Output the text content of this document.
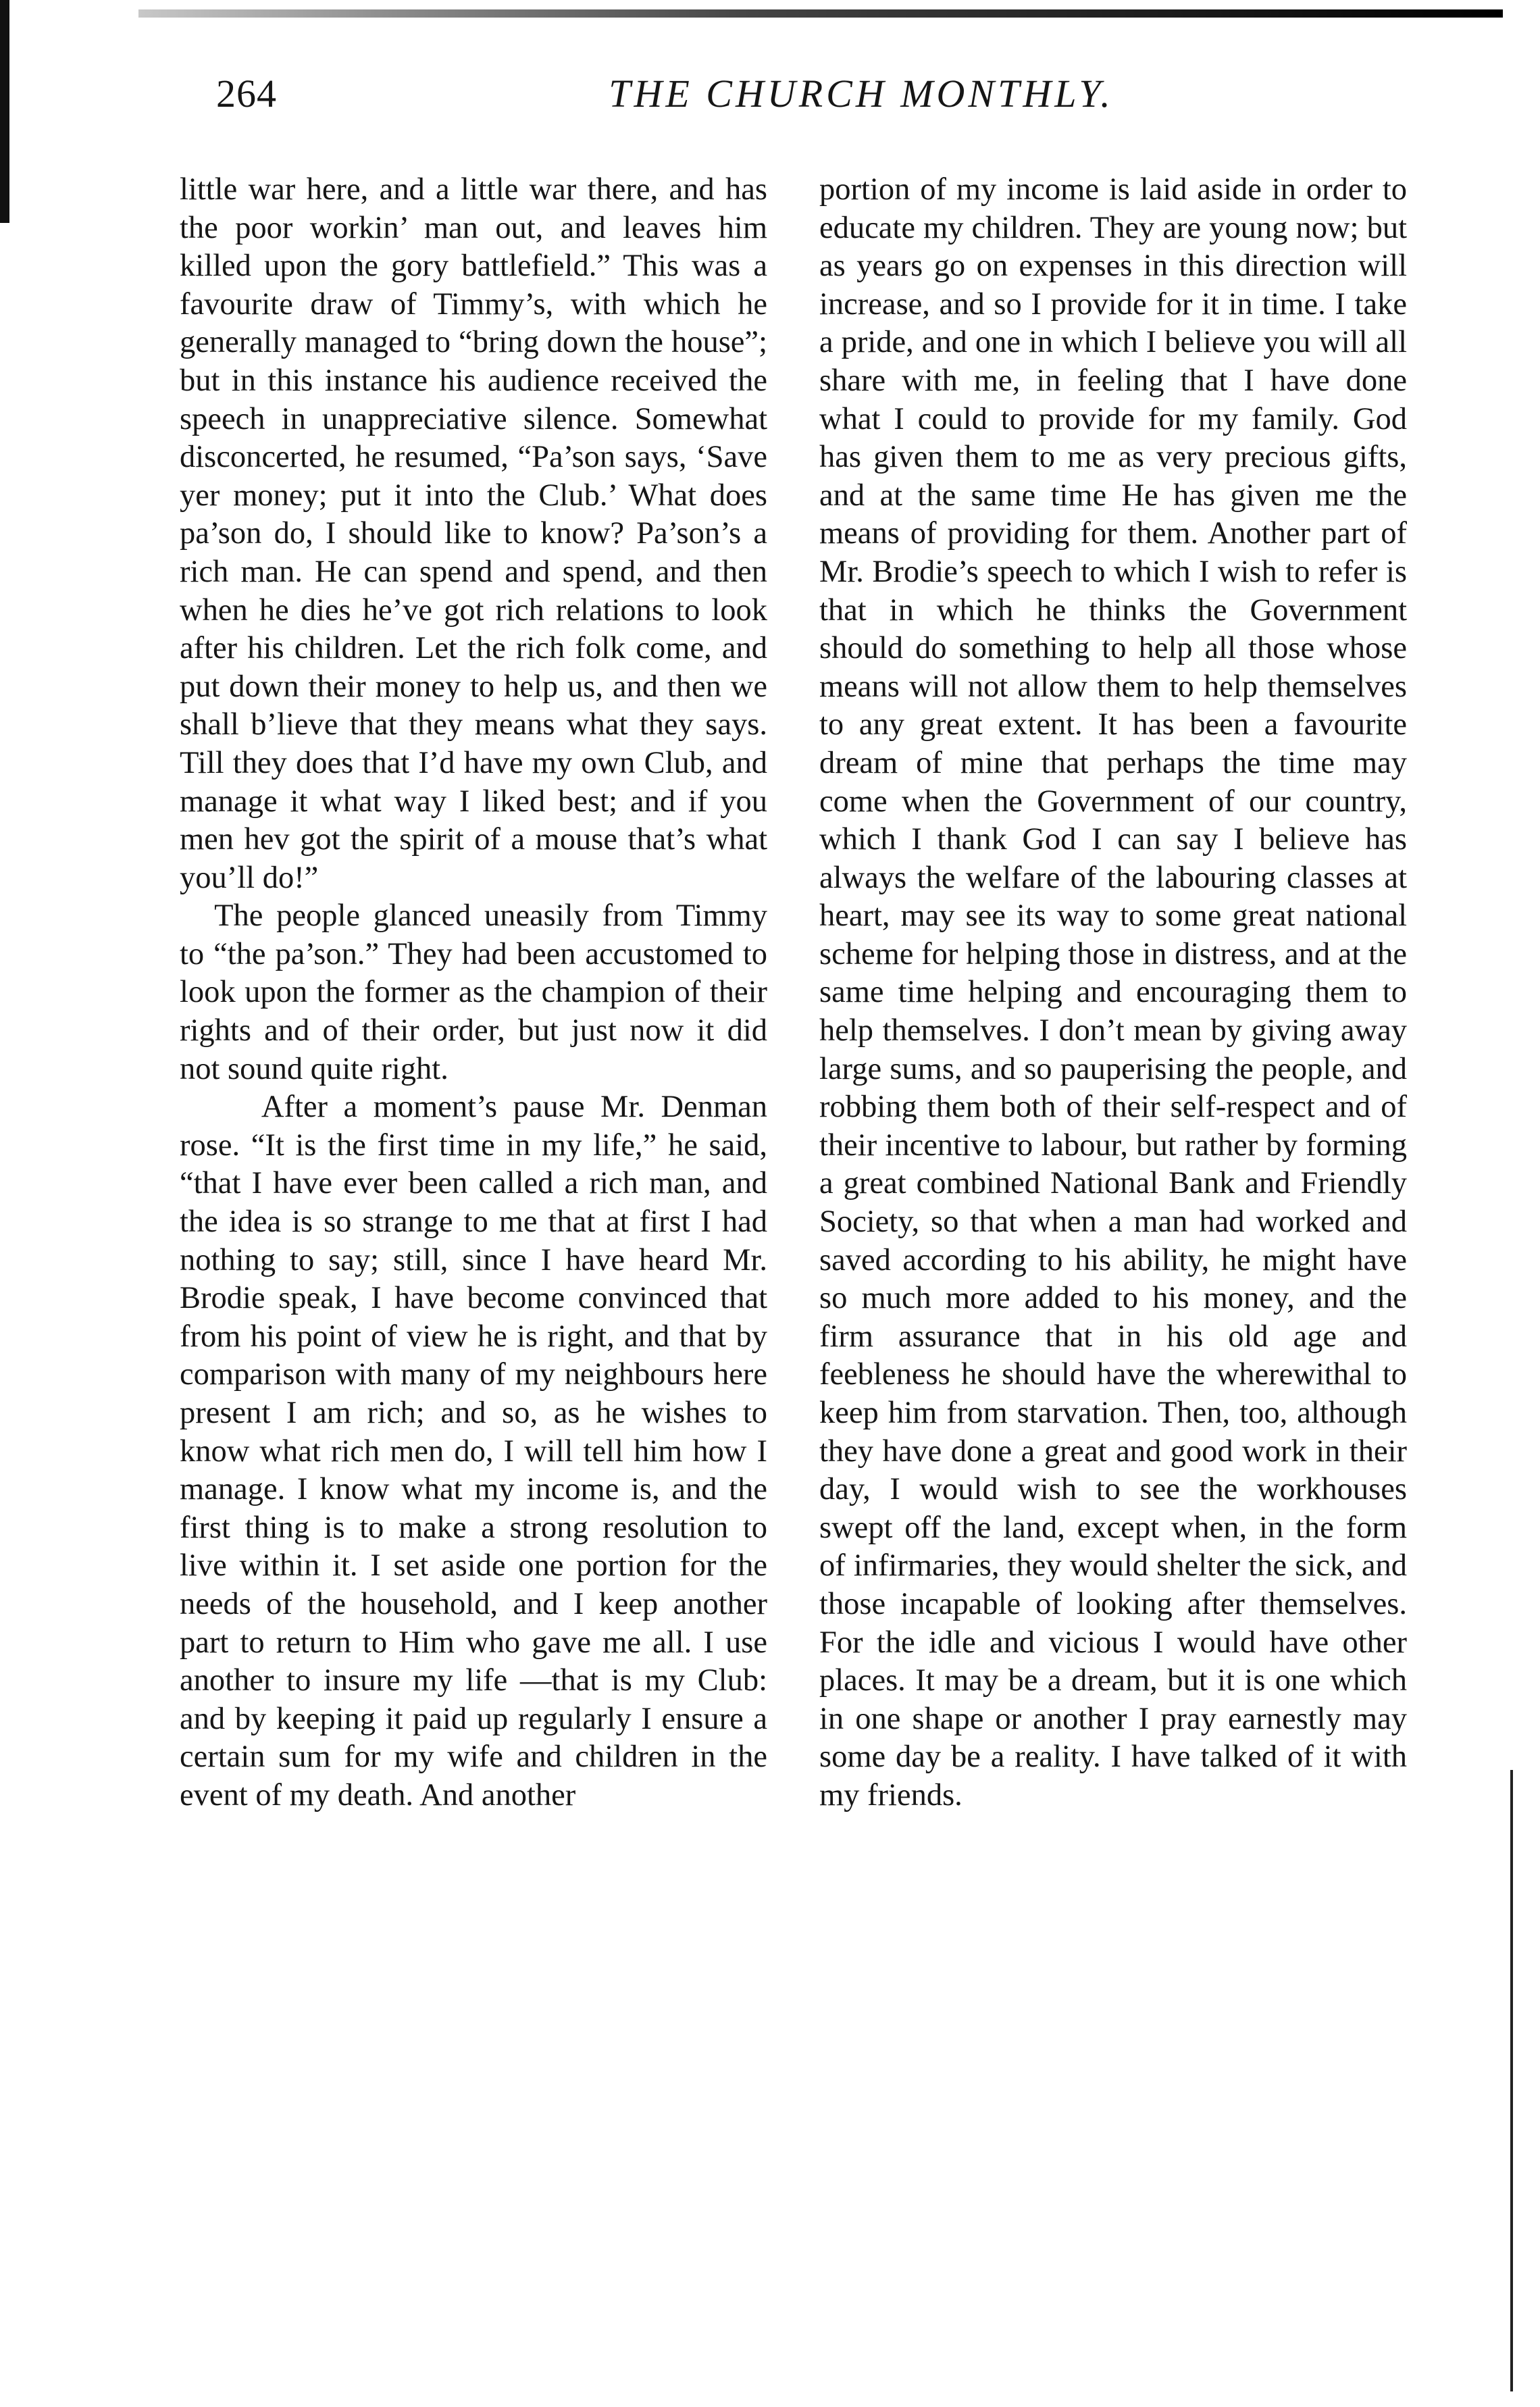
264	THE CHURCH MONTHLY.

little war here, and a little war there, and has the poor workin’ man out, and leaves him killed upon the gory battlefield.” This was a favourite draw of Timmy’s, with which he generally managed to “bring down the house”; but in this instance his audience received the speech in unappreciative silence. Somewhat disconcerted, he resumed, “Pa’son says, ‘Save yer money; put it into the Club.’ What does pa’son do, I should like to know? Pa’son’s a rich man. He can spend and spend, and then when he dies he’ve got rich relations to look after his children. Let the rich folk come, and put down their money to help us, and then we shall b’lieve that they means what they says. Till they does that I’d have my own Club, and manage it what way I liked best; and if you men hev got the spirit of a mouse that’s what you’ll do!”

The people glanced uneasily from Timmy to “the pa’son.” They had been accustomed to look upon the former as the champion of their rights and of their order, but just now it did not sound quite right.

After a moment’s pause Mr. Denman rose. “It is the first time in my life,” he said, “that I have ever been called a rich man, and the idea is so strange to me that at first I had nothing to say; still, since I have heard Mr. Brodie speak, I have become convinced that from his point of view he is right, and that by comparison with many of my neighbours here present I am rich; and so, as he wishes to know what rich men do, I will tell him how I manage. I know what my income is, and the first thing is to make a strong resolution to live within it. I set aside one portion for the needs of the household, and I keep another part to return to Him who gave me all. I use another to insure my life —that is my Club: and by keeping it paid up regularly I ensure a certain sum for my wife and children in the event of my death. And another

portion of my income is laid aside in order to educate my children. They are young now; but as years go on expenses in this direction will increase, and so I provide for it in time. I take a pride, and one in which I believe you will all share with me, in feeling that I have done what I could to provide for my family. God has given them to me as very precious gifts, and at the same time He has given me the means of providing for them. Another part of Mr. Brodie’s speech to which I wish to refer is that in which he thinks the Government should do something to help all those whose means will not allow them to help themselves to any great extent. It has been a favourite dream of mine that perhaps the time may come when the Government of our country, which I thank God I can say I believe has always the welfare of the labouring classes at heart, may see its way to some great national scheme for helping those in distress, and at the same time helping and encouraging them to help themselves. I don’t mean by giving away large sums, and so pauperising the people, and robbing them both of their self-respect and of their incentive to labour, but rather by forming a great combined National Bank and Friendly Society, so that when a man had worked and saved according to his ability, he might have so much more added to his money, and the firm assurance that in his old age and feebleness he should have the wherewithal to keep him from starvation. Then, too, although they have done a great and good work in their day, I would wish to see the workhouses swept off the land, except when, in the form of infirmaries, they would shelter the sick, and those incapable of looking after themselves. For the idle and vicious I would have other places. It may be a dream, but it is one which in one shape or another I pray earnestly may some day be a reality. I have talked of it with my friends.
